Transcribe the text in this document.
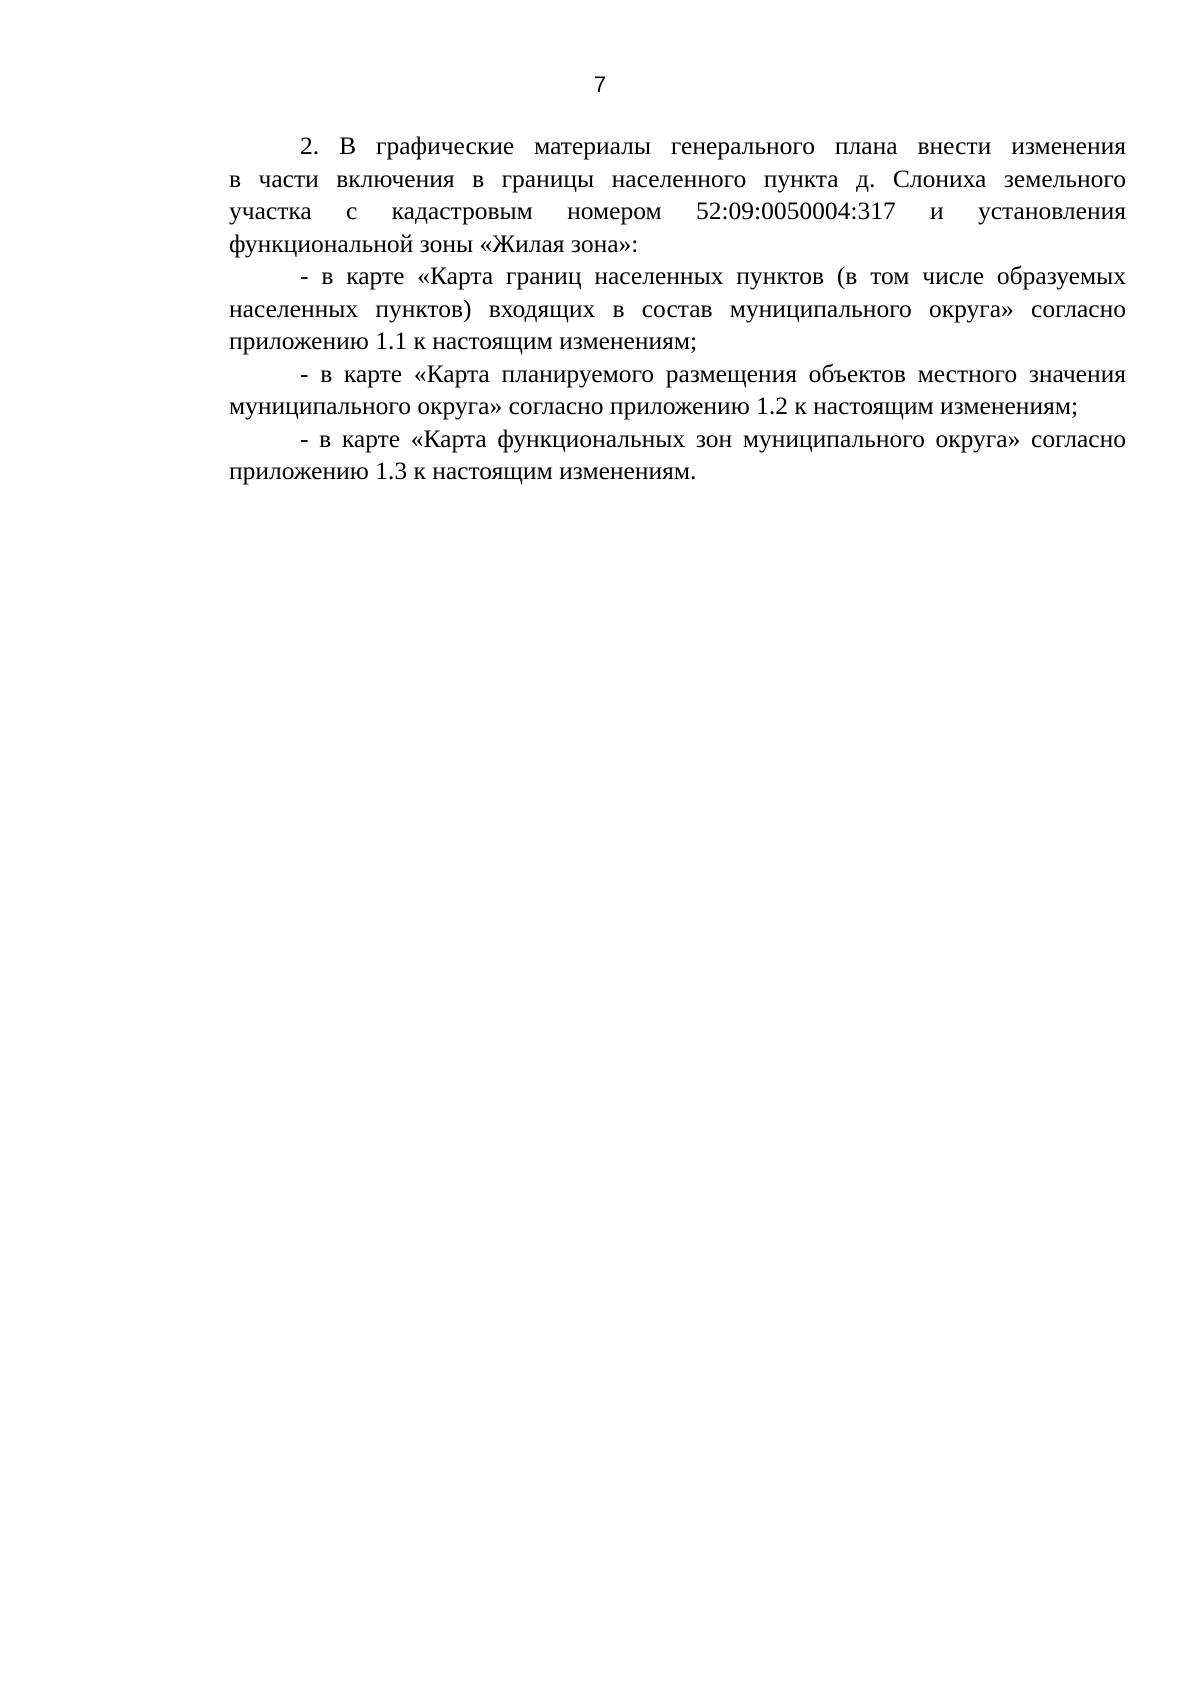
7
2. В графические материалы генерального плана внести изменения
в части включения в границы населенного пункта д. Слониха земельного
участка с кадастровым номером 52:09:0050004:317 и установления
функциональной зоны «Жилая зона»:
- в карте «Карта границ населенных пунктов (в том числе образуемых
населенных пунктов) входящих в состав муниципального округа» согласно
приложению 1.1 к настоящим изменениям;
- в карте «Карта планируемого размещения объектов местного значения
муниципального округа» согласно приложению 1.2 к настоящим изменениям;
- в карте «Карта функциональных зон муниципального округа» согласно
приложению 1.3 к настоящим изменениям.
